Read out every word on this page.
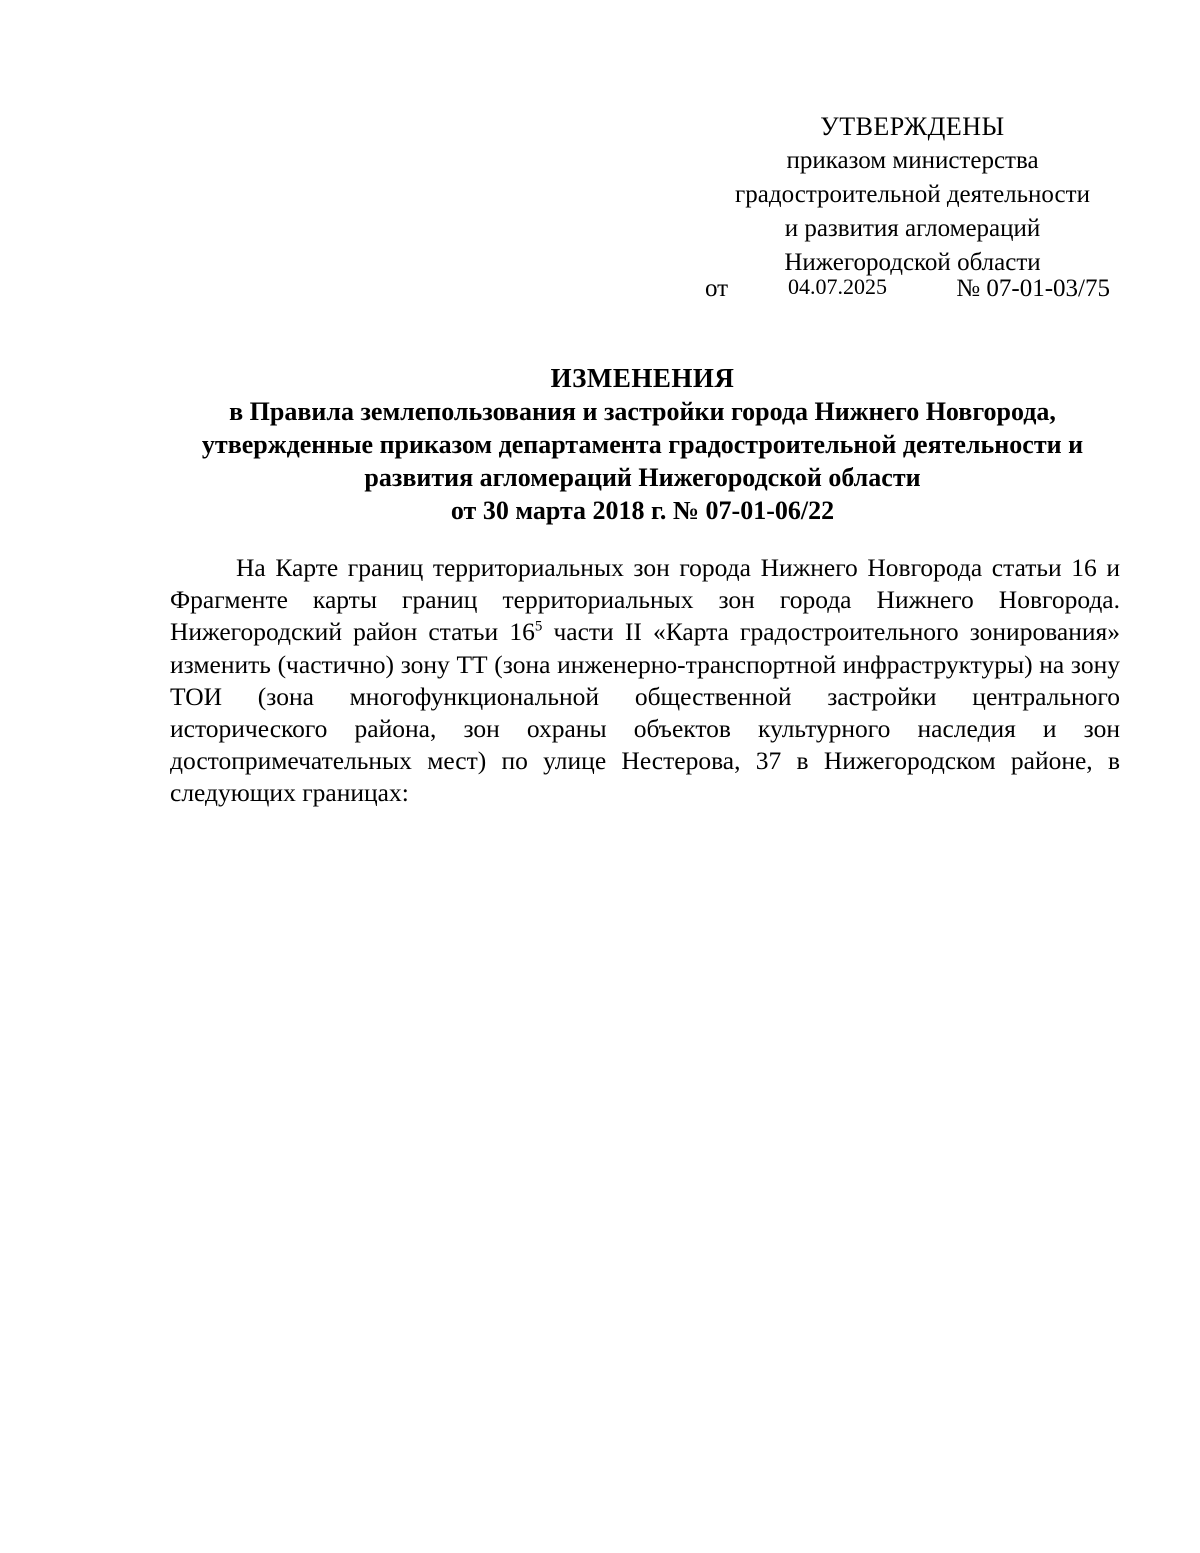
УТВЕРЖДЕНЫ
приказом министерства
градостроительной деятельности
и развития агломераций
Нижегородской области
от	04.07.2025	№ 07-01-03/75
ИЗМЕНЕНИЯ
в Правила землепользования и застройки города Нижнего Новгорода,
утвержденные приказом департамента градостроительной деятельности и
развития агломераций Нижегородской области
от 30 марта 2018 г. № 07-01-06/22

На Карте границ территориальных зон города Нижнего Новгорода статьи 16 и Фрагменте карты границ территориальных зон города Нижнего Новгорода. Нижегородский район статьи $16^5$ части II «Карта градостроительного зонирования» изменить (частично) зону ТТ (зона инженерно-транспортной инфраструктуры) на зону ТОИ (зона многофункциональной общественной застройки центрального исторического района, зон охраны объектов культурного наследия и зон достопримечательных мест) по улице Нестерова, 37 в Нижегородском районе, в следующих границах:
